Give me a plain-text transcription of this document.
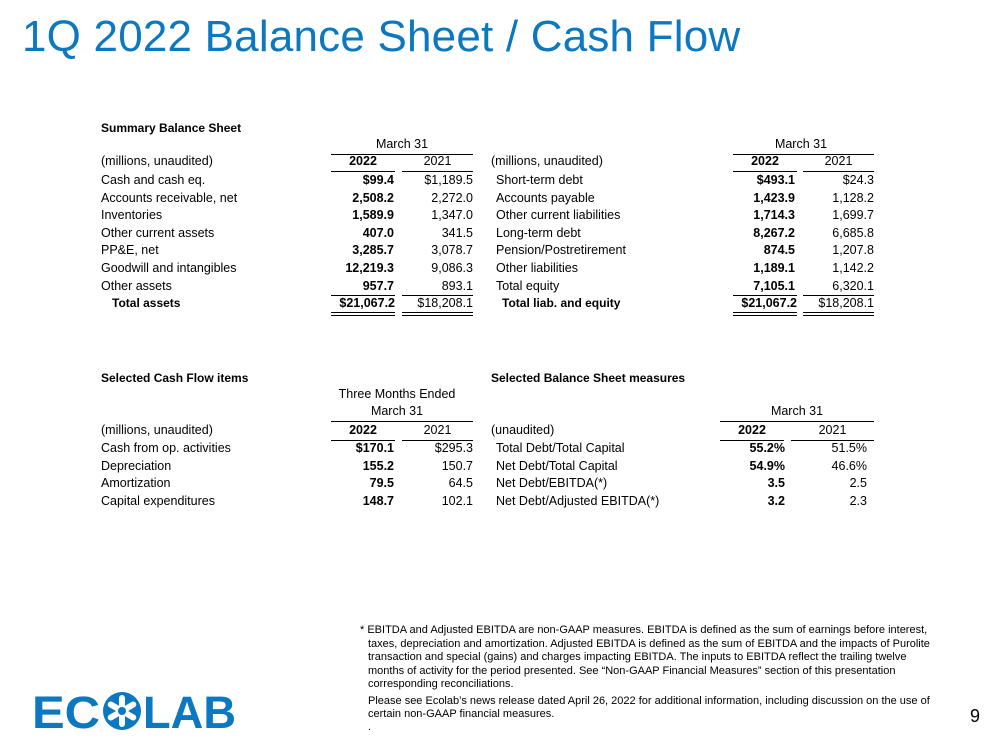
1Q 2022 Balance Sheet / Cash Flow
Summary Balance Sheet
March 31	March 31
(millions, unaudited)	2022	2021	(millions, unaudited)	2022	2021
Cash and cash eq.	$99.4 $1,189.5
Accounts receivable, net	2,508.2	2,272.0
Inventories	1,589.9	1,347.0
Other current assets	407.0	341.5
PP&E, net	3,285.7	3,078.7
Goodwill and intangibles	12,219.3	9,086.3
Other assets	957.7	893.1
Total assets	$21,067.2	$18,208.1
Short-term debt	$493.1	$24.3
Accounts payable	1,423.9	1,128.2
Other current liabilities	1,714.3	1,699.7
Long-term debt	8,267.2	6,685.8
Pension/Postretirement	874.5	1,207.8
Other liabilities	1,189.1	1,142.2
Total equity	7,105.1	6,320.1
Total liab. and equity	$21,067.2	$18,208.1
Selected Cash Flow items
Three Months Ended
March 31
(millions, unaudited)	2022	2021
Cash from op. activities	$170.1	$295.3
Depreciation	155.2	150.7
Amortization	79.5	64.5
Capital expenditures	148.7	102.1
Selected Balance Sheet measures
March 31
(unaudited)	2022	2021
Total Debt/Total Capital	55.2%	51.5%
Net Debt/Total Capital	54.9%	46.6%
Net Debt/EBITDA(*)	3.5	2.5
Net Debt/Adjusted EBITDA(*)	3.2	2.3

* EBITDA and Adjusted EBITDA are non-GAAP measures. EBITDA is defined as the sum of earnings before interest, taxes, depreciation and amortization. Adjusted EBITDA is defined as the sum of EBITDA and the impacts of Purolite transaction and special (gains) and charges impacting EBITDA. The inputs to EBITDA reflect the trailing twelve months of activity for the period presented. See “Non-GAAP Financial Measures” section of this presentation corresponding reconciliations.

Please see Ecolab’s news release dated April 26, 2022 for additional information, including discussion on the use of certain non-GAAP financial measures.

.

EC LAB	9
